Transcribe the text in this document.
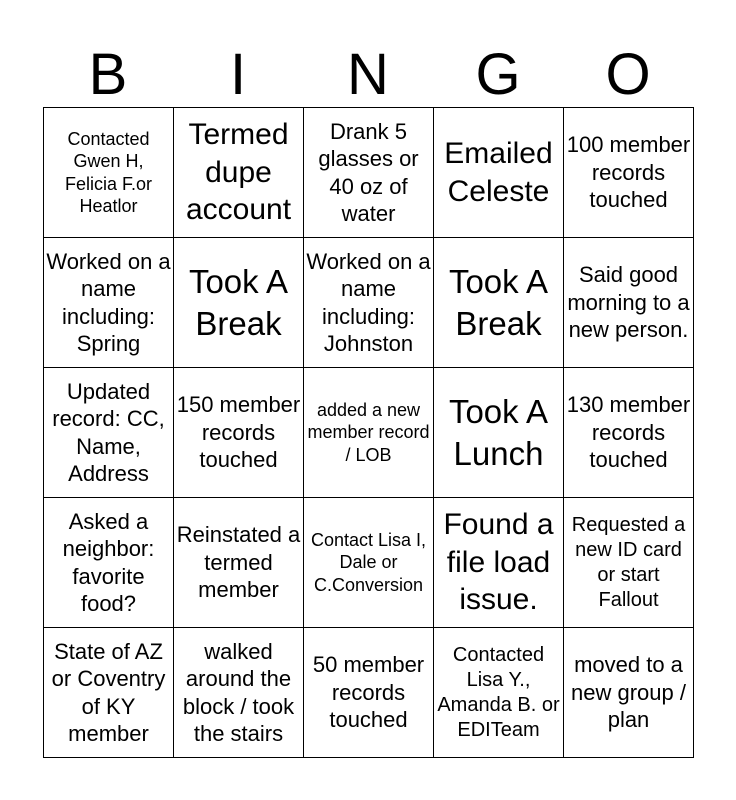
B	I	N	G	O
Contacted Gwen H, Felicia F.or Heatlor	Termed dupe account	Drank 5 glasses or 40 oz of water	Emailed Celeste	100 member records touched

Worked on a name including: Spring	Took A Break	Worked on a name including: Johnston	Took A Break	Said good morning to a new person.

Updated record: CC, Name, Address	150 member records touched	added a new member record / LOB	Took A Lunch	130 member records touched

Asked a neighbor: favorite food?	Reinstated a termed member	Contact Lisa I, Dale or C.Conversion	Found a file load issue.	Requested a new ID card or start Fallout

State of AZ or Coventry of KY member	walked around the block / took the stairs	50 member records touched	Contacted Lisa Y., Amanda B. or EDITeam	moved to a new group / plan
